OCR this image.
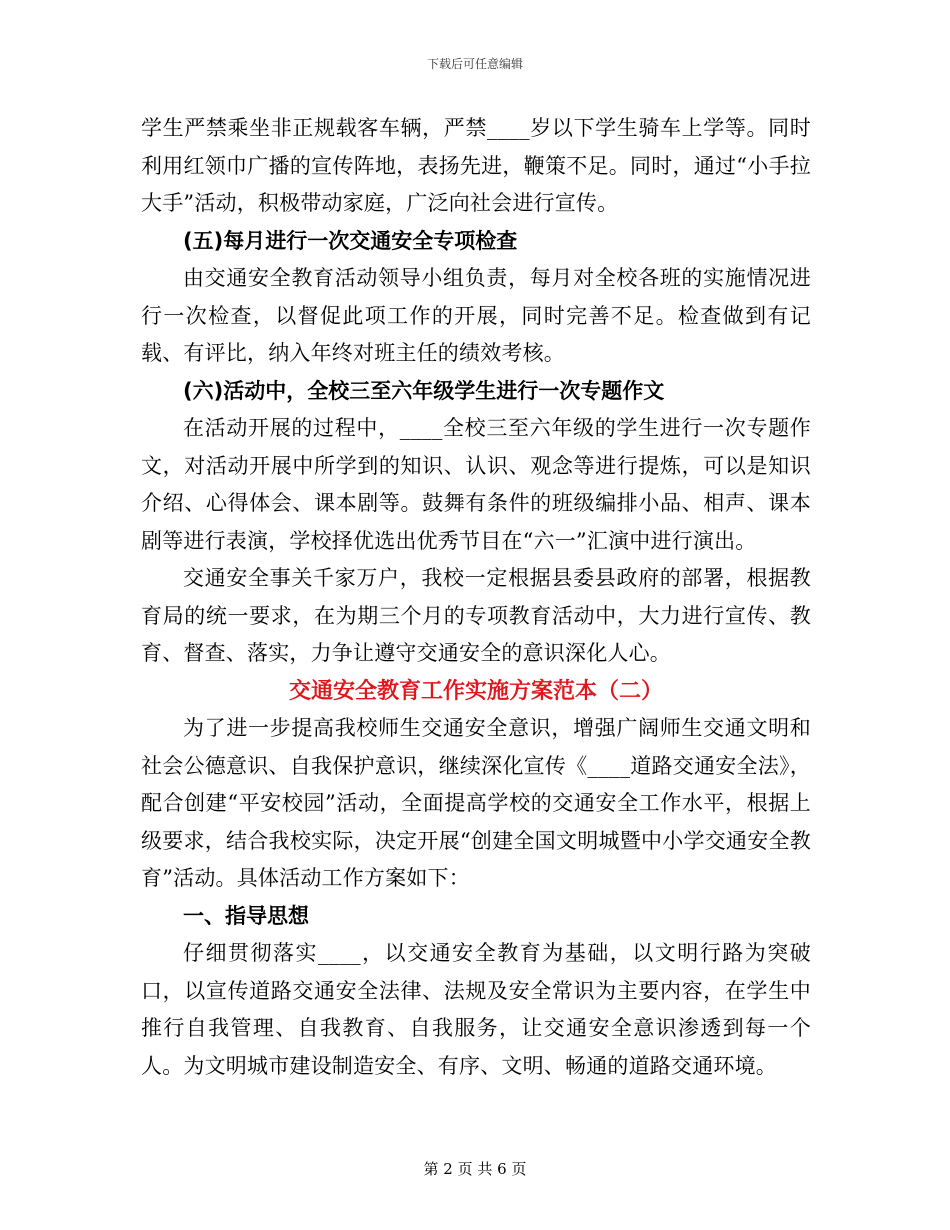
下载后可任意编辑

学生严禁乘坐非正规载客车辆，严禁____岁以下学生骑车上学等。同时利用红领巾广播的宣传阵地，表扬先进，鞭策不足。同时，通过“小手拉大手”活动，积极带动家庭，广泛向社会进行宣传。

(五)每月进行一次交通安全专项检查

由交通安全教育活动领导小组负责，每月对全校各班的实施情况进行一次检查，以督促此项工作的开展，同时完善不足。检查做到有记载、有评比，纳入年终对班主任的绩效考核。

(六)活动中，全校三至六年级学生进行一次专题作文

在活动开展的过程中，____全校三至六年级的学生进行一次专题作文，对活动开展中所学到的知识、认识、观念等进行提炼，可以是知识介绍、心得体会、课本剧等。鼓舞有条件的班级编排小品、相声、课本剧等进行表演，学校择优选出优秀节目在“六一”汇演中进行演出。

交通安全事关千家万户，我校一定根据县委县政府的部署，根据教育局的统一要求，在为期三个月的专项教育活动中，大力进行宣传、教育、督查、落实，力争让遵守交通安全的意识深化人心。

交通安全教育工作实施方案范本（二）

为了进一步提高我校师生交通安全意识，增强广阔师生交通文明和社会公德意识、自我保护意识，继续深化宣传《____道路交通安全法》，配合创建“平安校园”活动，全面提高学校的交通安全工作水平，根据上级要求，结合我校实际，决定开展“创建全国文明城暨中小学交通安全教育”活动。具体活动工作方案如下：

一、指导思想

仔细贯彻落实____，以交通安全教育为基础，以文明行路为突破口，以宣传道路交通安全法律、法规及安全常识为主要内容，在学生中推行自我管理、自我教育、自我服务，让交通安全意识渗透到每一个人。为文明城市建设制造安全、有序、文明、畅通的道路交通环境。

第 2 页 共 6 页
